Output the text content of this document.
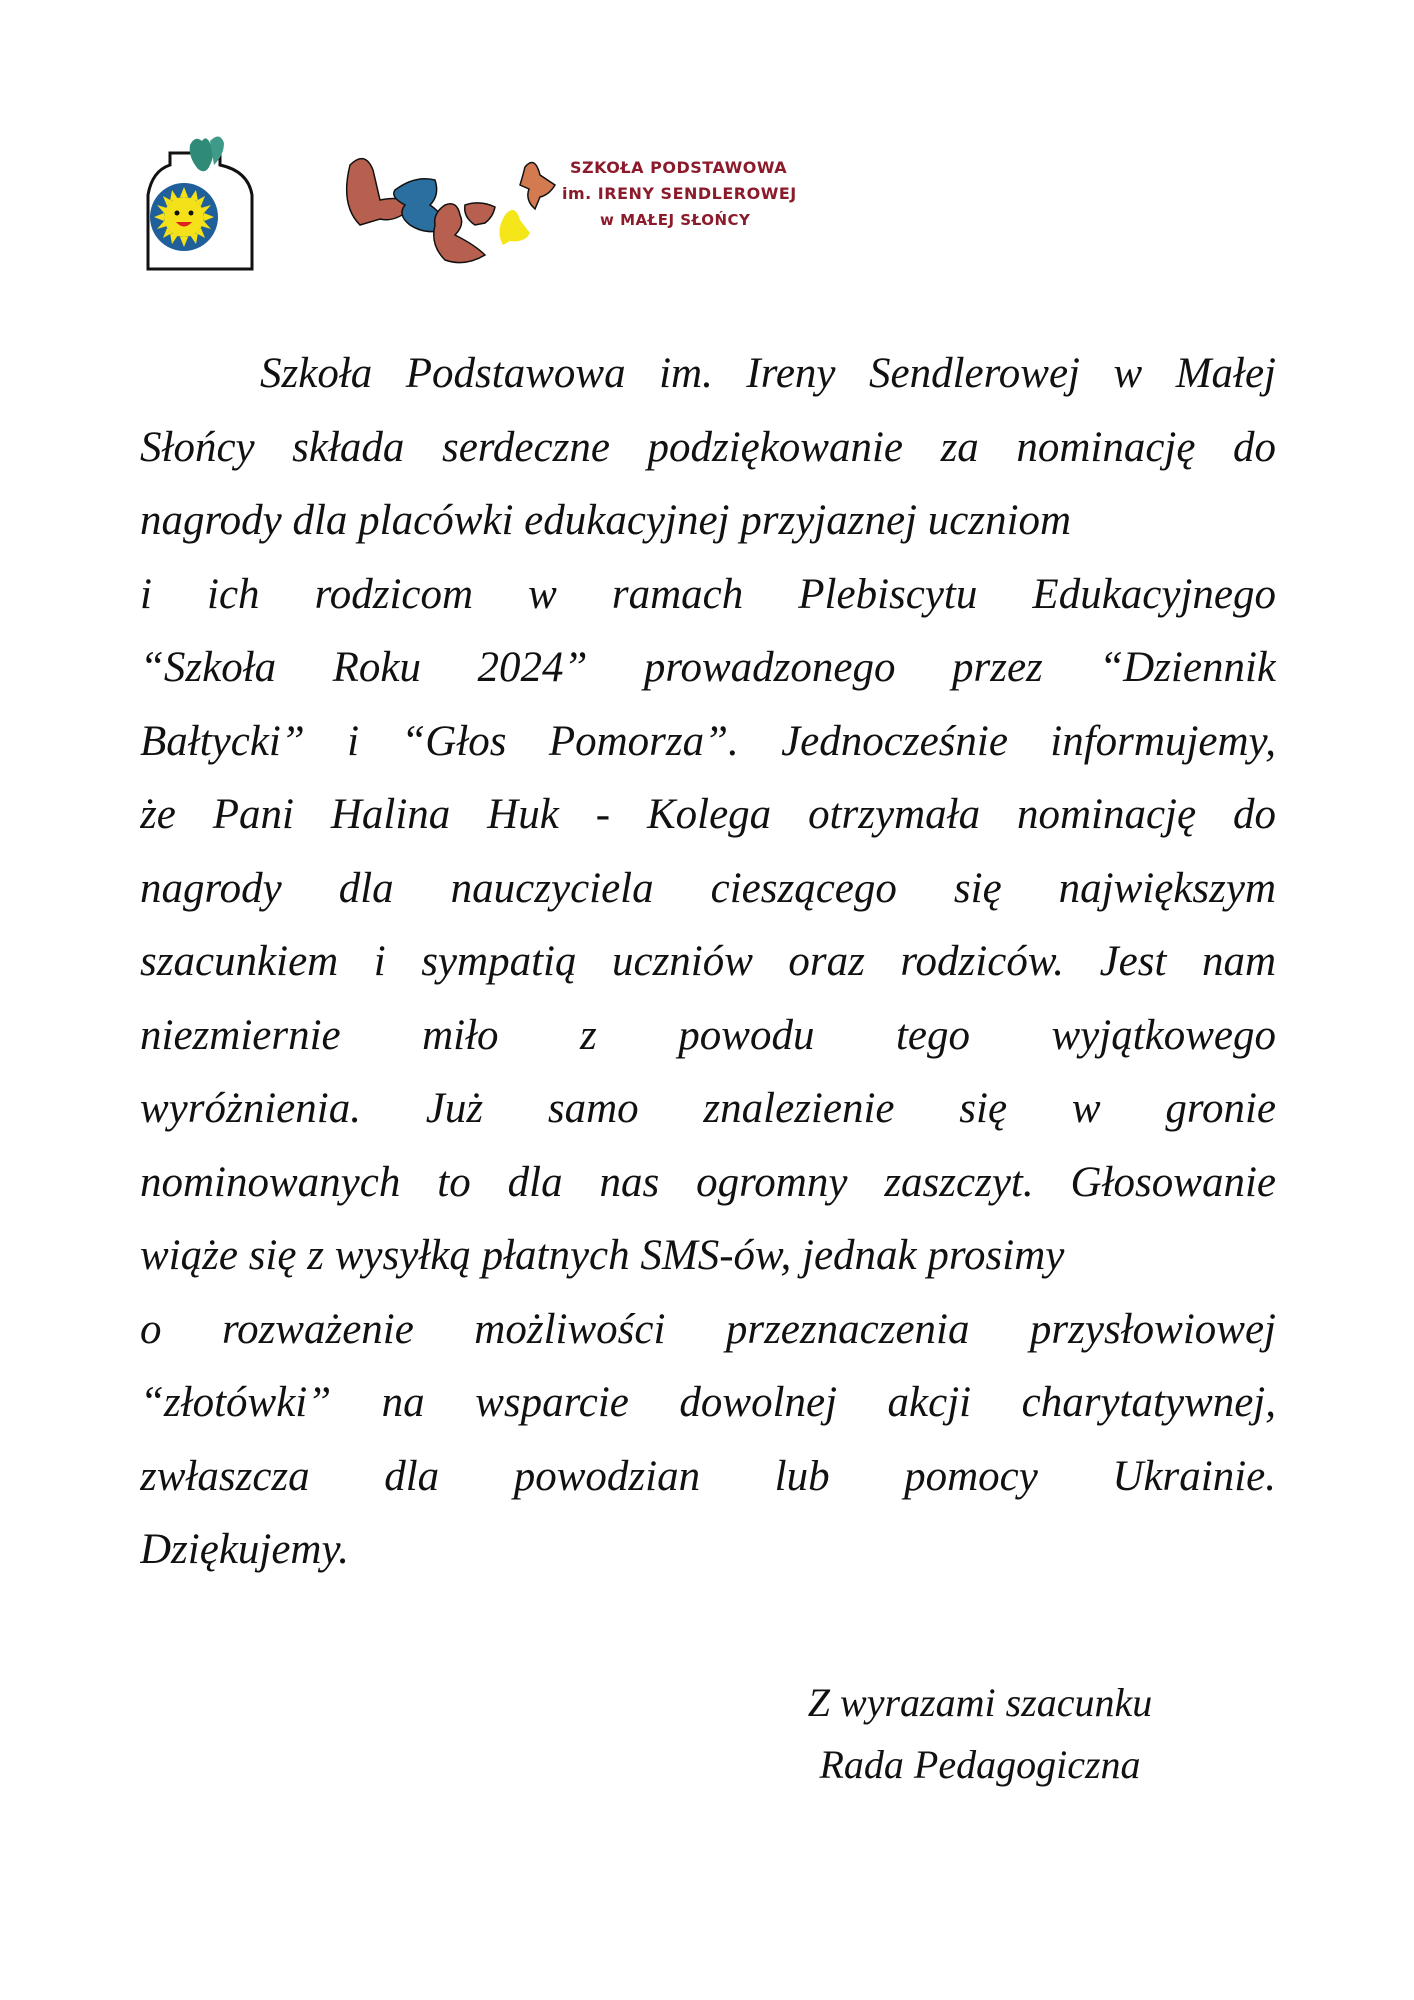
SZKOŁA PODSTAWOWA
im. IRENY SENDLEROWEJ
w MAŁEJ SŁOŃCY

Szkoła Podstawowa im. Ireny Sendlerowej w Małej
Słońcy składa serdeczne podziękowanie za nominację do
nagrody dla placówki edukacyjnej przyjaznej uczniom
i ich rodzicom w ramach Plebiscytu Edukacyjnego
“Szkoła Roku 2024” prowadzonego przez “Dziennik
Bałtycki” i “Głos Pomorza”. Jednocześnie informujemy,
że Pani Halina Huk - Kolega otrzymała nominację do
nagrody dla nauczyciela cieszącego się największym
szacunkiem i sympatią uczniów oraz rodziców. Jest nam
niezmiernie miło z powodu tego wyjątkowego
wyróżnienia. Już samo znalezienie się w gronie
nominowanych to dla nas ogromny zaszczyt. Głosowanie
wiąże się z wysyłką płatnych SMS-ów, jednak prosimy
o rozważenie możliwości przeznaczenia przysłowiowej
“złotówki” na wsparcie dowolnej akcji charytatywnej,
zwłaszcza dla powodzian lub pomocy Ukrainie.
Dziękujemy.

Z wyrazami szacunku
Rada Pedagogiczna
